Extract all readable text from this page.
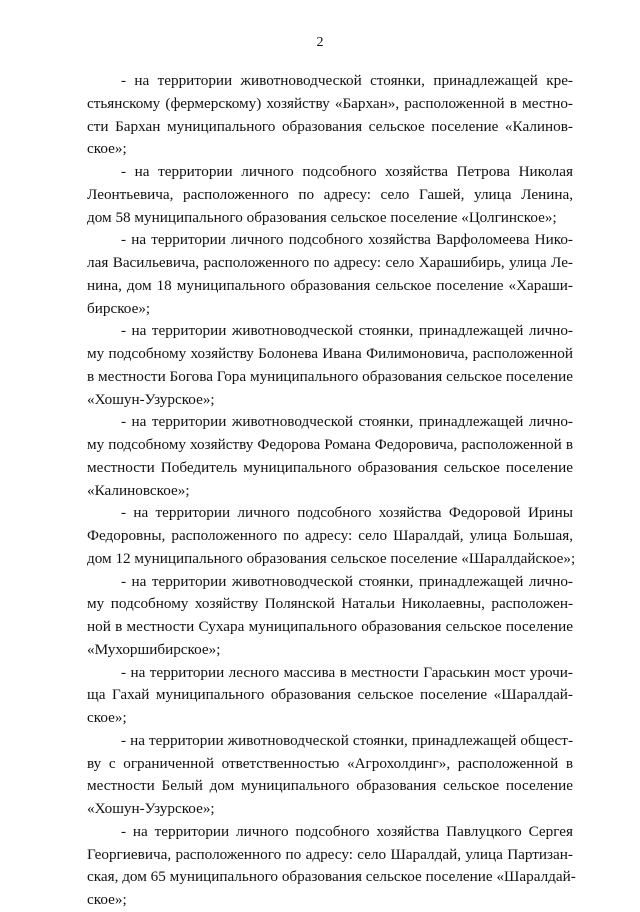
2
- на территории животноводческой стоянки, принадлежащей кре-
стьянскому (фермерскому) хозяйству «Бархан», расположенной в местно-
сти Бархан муниципального образования сельское поселение «Калинов-
ское»;
- на территории личного подсобного хозяйства Петрова Николая
Леонтьевича, расположенного по адресу: село Гашей, улица Ленина,
дом 58 муниципального образования сельское поселение «Цолгинское»;
- на территории личного подсобного хозяйства Варфоломеева Нико-
лая Васильевича, расположенного по адресу: село Харашибирь, улица Ле-
нина, дом 18 муниципального образования сельское поселение «Хараши-
бирское»;
- на территории животноводческой стоянки, принадлежащей лично-
му подсобному хозяйству Болонева Ивана Филимоновича, расположенной
в местности Богова Гора муниципального образования сельское поселение
«Хошун-Узурское»;
- на территории животноводческой стоянки, принадлежащей лично-
му подсобному хозяйству Федорова Романа Федоровича, расположенной в
местности Победитель муниципального образования сельское поселение
«Калиновское»;
- на территории личного подсобного хозяйства Федоровой Ирины
Федоровны, расположенного по адресу: село Шаралдай, улица Большая,
дом 12 муниципального образования сельское поселение «Шаралдайское»;
- на территории животноводческой стоянки, принадлежащей лично-
му подсобному хозяйству Полянской Натальи Николаевны, расположен-
ной в местности Сухара муниципального образования сельское поселение
«Мухоршибирское»;
- на территории лесного массива в местности Гараськин мост урочи-
ща Гахай муниципального образования сельское поселение «Шаралдай-
ское»;
- на территории животноводческой стоянки, принадлежащей общест-
ву с ограниченной ответственностью «Агрохолдинг», расположенной в
местности Белый дом муниципального образования сельское поселение
«Хошун-Узурское»;
- на территории личного подсобного хозяйства Павлуцкого Сергея
Георгиевича, расположенного по адресу: село Шаралдай, улица Партизан-
ская, дом 65 муниципального образования сельское поселение «Шаралдай-
ское»;
